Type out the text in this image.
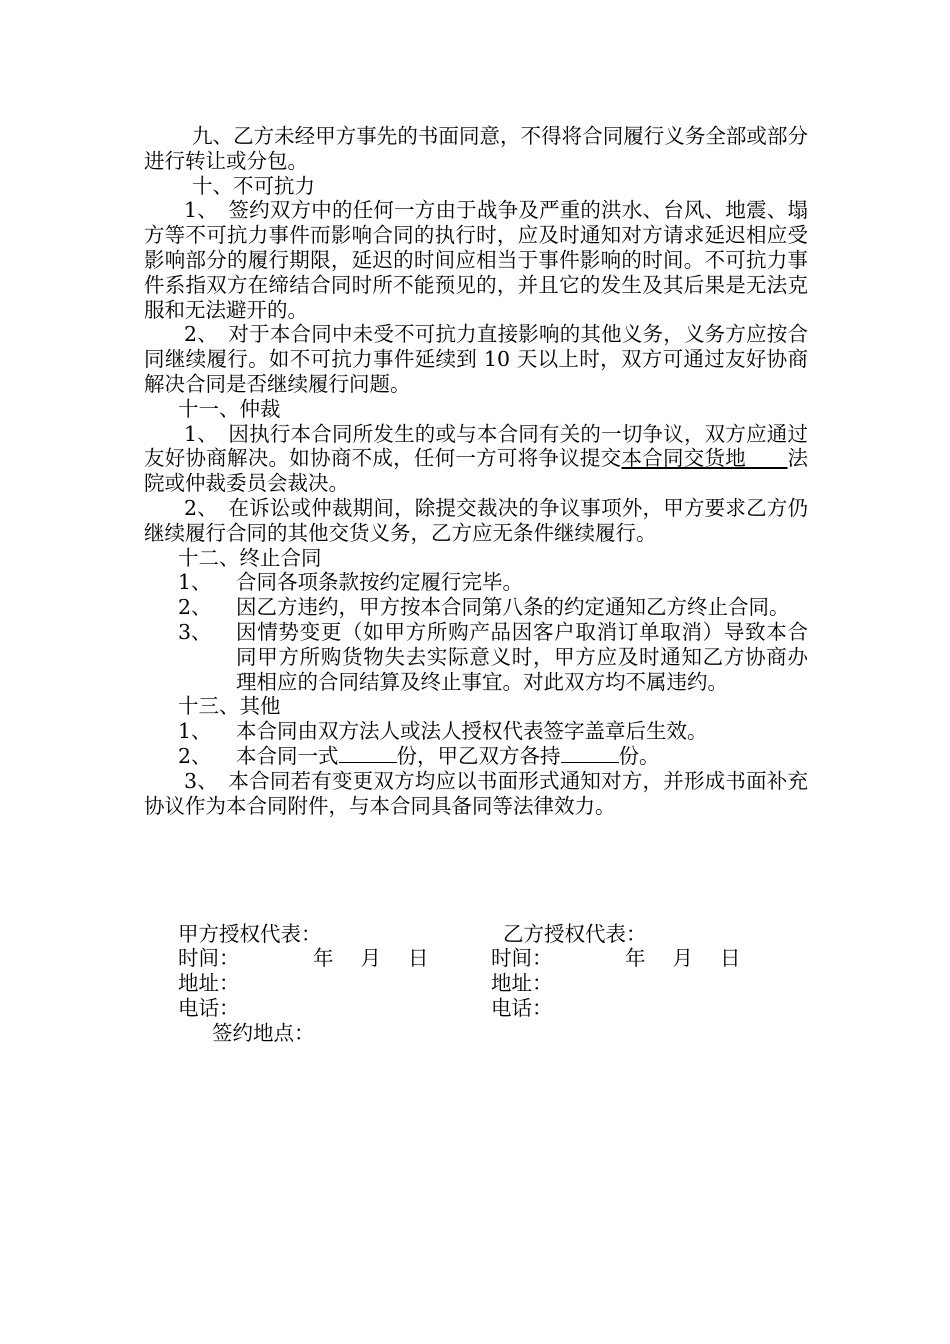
九、乙方未经甲方事先的书面同意，不得将合同履行义务全部或部分进行转让或分包。

十、不可抗力

1、　签约双方中的任何一方由于战争及严重的洪水、台风、地震、塌方等不可抗力事件而影响合同的执行时，应及时通知对方请求延迟相应受影响部分的履行期限，延迟的时间应相当于事件影响的时间。不可抗力事件系指双方在缔结合同时所不能预见的，并且它的发生及其后果是无法克服和无法避开的。

2、　对于本合同中未受不可抗力直接影响的其他义务，义务方应按合同继续履行。如不可抗力事件延续到 10 天以上时，双方可通过友好协商解决合同是否继续履行问题。

十一、仲裁

1、　因执行本合同所发生的或与本合同有关的一切争议，双方应通过友好协商解决。如协商不成，任何一方可将争议提交本合同交货地　　法院或仲裁委员会裁决。

2、　在诉讼或仲裁期间，除提交裁决的争议事项外，甲方要求乙方仍继续履行合同的其他交货义务，乙方应无条件继续履行。

十二、终止合同

1、	合同各项条款按约定履行完毕。
2、	因乙方违约，甲方按本合同第八条的约定通知乙方终止合同。
3、	因情势变更（如甲方所购产品因客户取消订单取消）导致本合同甲方所购货物失去实际意义时，甲方应及时通知乙方协商办理相应的合同结算及终止事宜。对此双方均不属违约。

十三、其他

1、	本合同由双方法人或法人授权代表签字盖章后生效。
2、	本合同一式	份，甲乙双方各持	份。

3、　本合同若有变更双方均应以书面形式通知对方，并形成书面补充协议作为本合同附件，与本合同具备同等法律效力。

甲方授权代表：	乙方授权代表：
时间：	年　 月　 日	时间：	年　 月　 日
地址：	地址：
电话：	电话：
签约地点：
